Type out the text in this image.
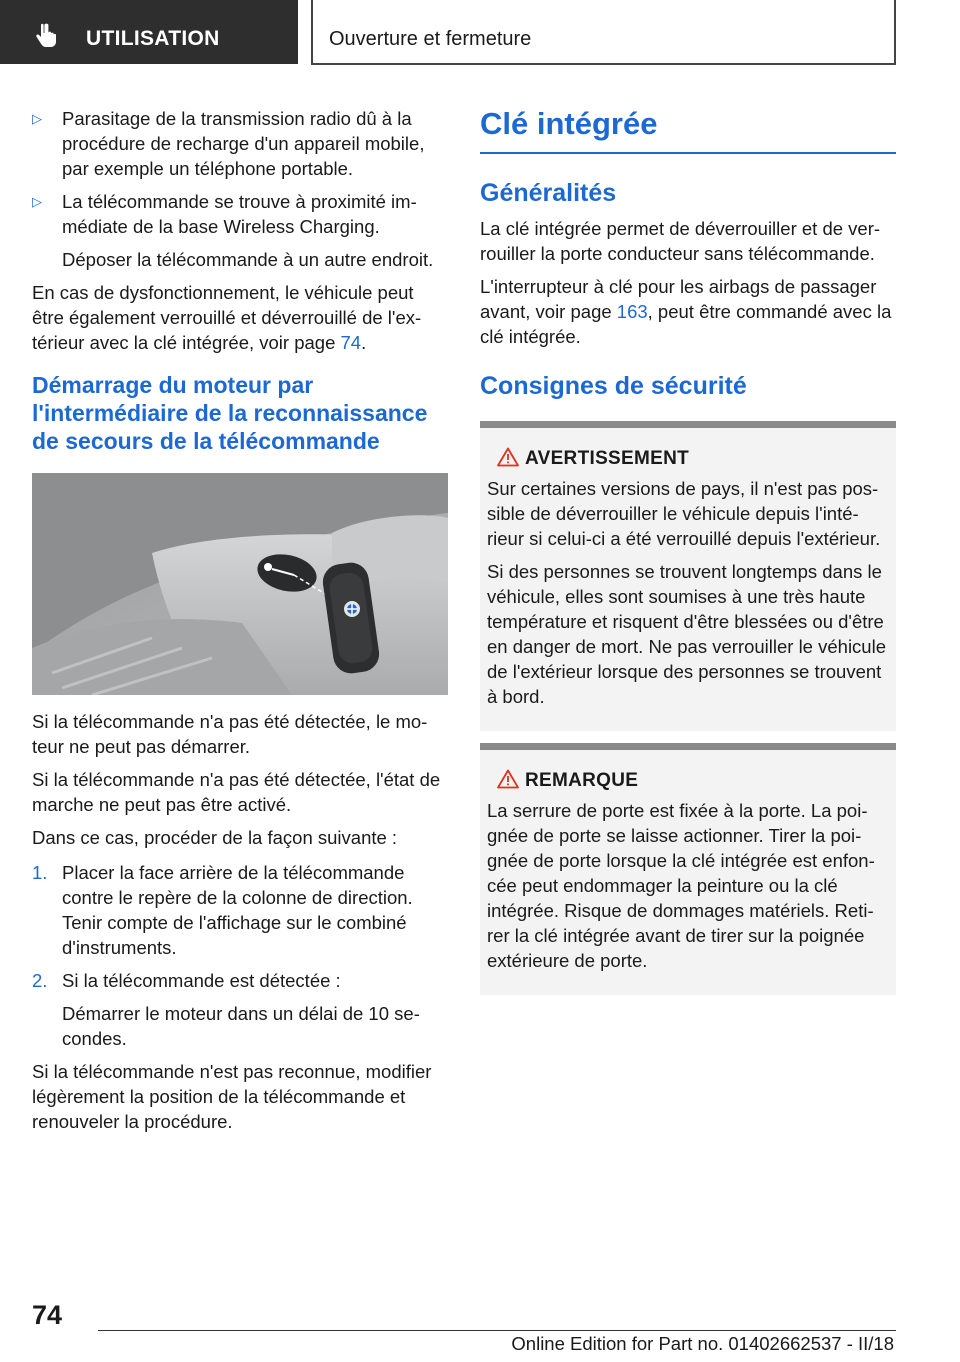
UTILISATION	Ouverture et fermeture
▷ Parasitage de la transmission radio dû à la procédure de recharge d'un appareil mobile, par exemple un téléphone portable.
▷ La télécommande se trouve à proximité im‐médiate de la base Wireless Charging.
Déposer la télécommande à un autre endroit.
En cas de dysfonctionnement, le véhicule peut être également verrouillé et déverrouillé de l'ex‐térieur avec la clé intégrée, voir page 74.
Démarrage du moteur par l'intermédiaire de la reconnaissance de secours de la télécommande
Si la télécommande n'a pas été détectée, le mo‐teur ne peut pas démarrer.
Si la télécommande n'a pas été détectée, l'état de marche ne peut pas être activé.
Dans ce cas, procéder de la façon suivante :
1. Placer la face arrière de la télécommande contre le repère de la colonne de direction. Tenir compte de l'affichage sur le combiné d'instruments.
2. Si la télécommande est détectée :
Démarrer le moteur dans un délai de 10 se‐condes.
Si la télécommande n'est pas reconnue, modifier légèrement la position de la télécommande et renouveler la procédure.
Clé intégrée
Généralités
La clé intégrée permet de déverrouiller et de ver‐rouiller la porte conducteur sans télécommande.
L'interrupteur à clé pour les airbags de passager avant, voir page 163, peut être commandé avec la clé intégrée.
Consignes de sécurité
AVERTISSEMENT
Sur certaines versions de pays, il n'est pas pos‐sible de déverrouiller le véhicule depuis l'inté‐rieur si celui-ci a été verrouillé depuis l'extérieur.
Si des personnes se trouvent longtemps dans le véhicule, elles sont soumises à une très haute température et risquent d'être blessées ou d'être en danger de mort. Ne pas verrouiller le véhicule de l'extérieur lorsque des personnes se trouvent à bord.
REMARQUE
La serrure de porte est fixée à la porte. La poi‐gnée de porte se laisse actionner. Tirer la poi‐gnée de porte lorsque la clé intégrée est enfon‐cée peut endommager la peinture ou la clé intégrée. Risque de dommages matériels. Reti‐rer la clé intégrée avant de tirer sur la poignée extérieure de porte.
74
Online Edition for Part no. 01402662537 - II/18
